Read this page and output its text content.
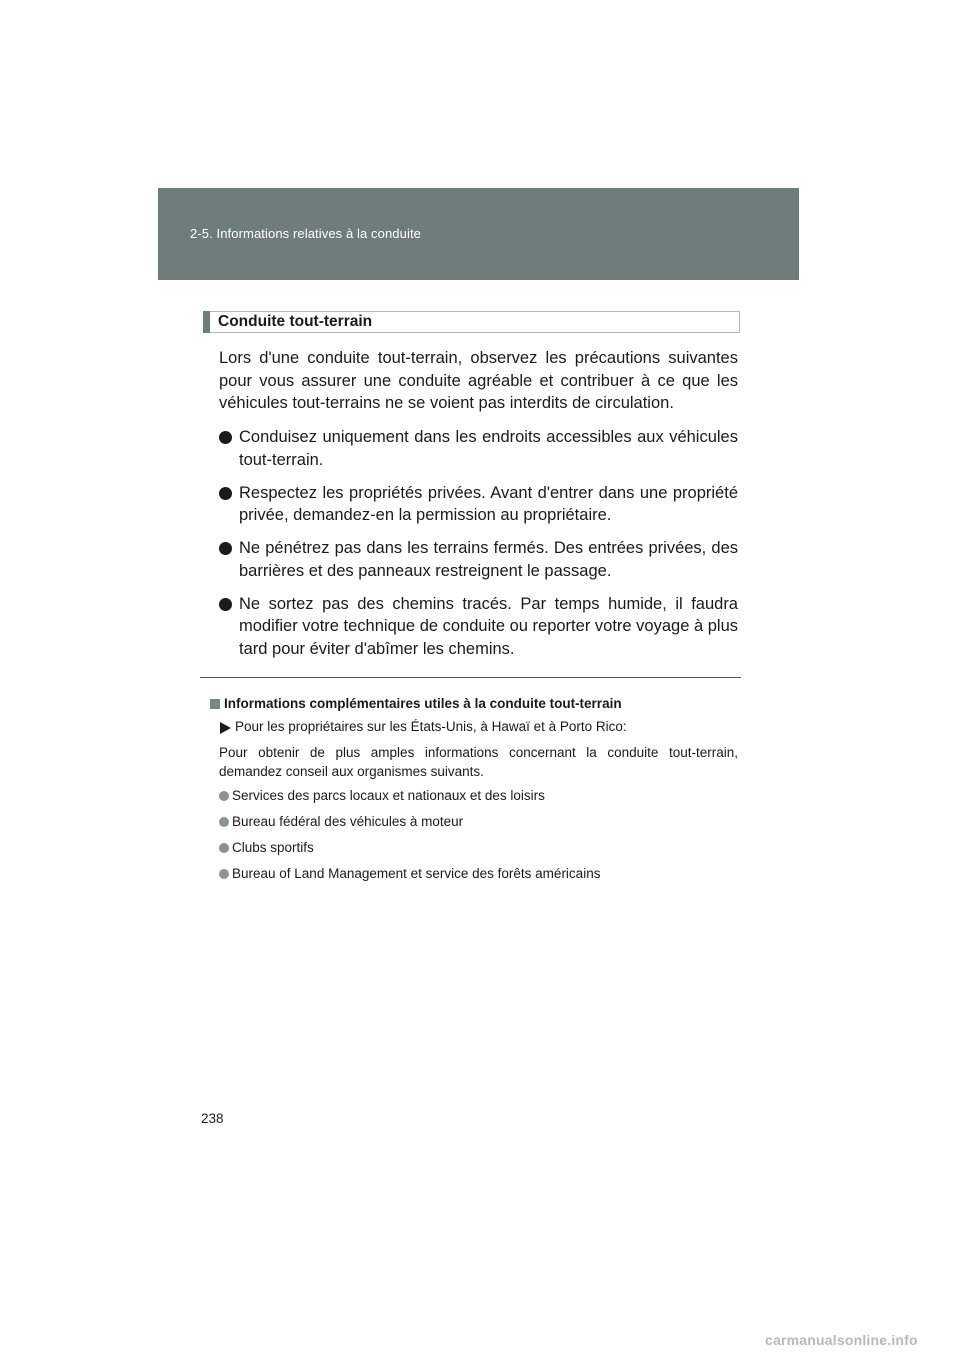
2-5. Informations relatives à la conduite
Conduite tout-terrain

Lors d'une conduite tout-terrain, observez les précautions suivantes pour vous assurer une conduite agréable et contribuer à ce que les véhicules tout-terrains ne se voient pas interdits de circulation.

Conduisez uniquement dans les endroits accessibles aux véhicules tout-terrain.
Respectez les propriétés privées. Avant d'entrer dans une propriété privée, demandez-en la permission au propriétaire.
Ne pénétrez pas dans les terrains fermés. Des entrées privées, des barrières et des panneaux restreignent le passage.
Ne sortez pas des chemins tracés. Par temps humide, il faudra modifier votre technique de conduite ou reporter votre voyage à plus tard pour éviter d'abîmer les chemins.

Informations complémentaires utiles à la conduite tout-terrain

Pour les propriétaires sur les États-Unis, à Hawaï et à Porto Rico:

Pour obtenir de plus amples informations concernant la conduite tout-terrain, demandez conseil aux organismes suivants.

Services des parcs locaux et nationaux et des loisirs
Bureau fédéral des véhicules à moteur
Clubs sportifs
Bureau of Land Management et service des forêts américains
238
carmanualsonline.info
